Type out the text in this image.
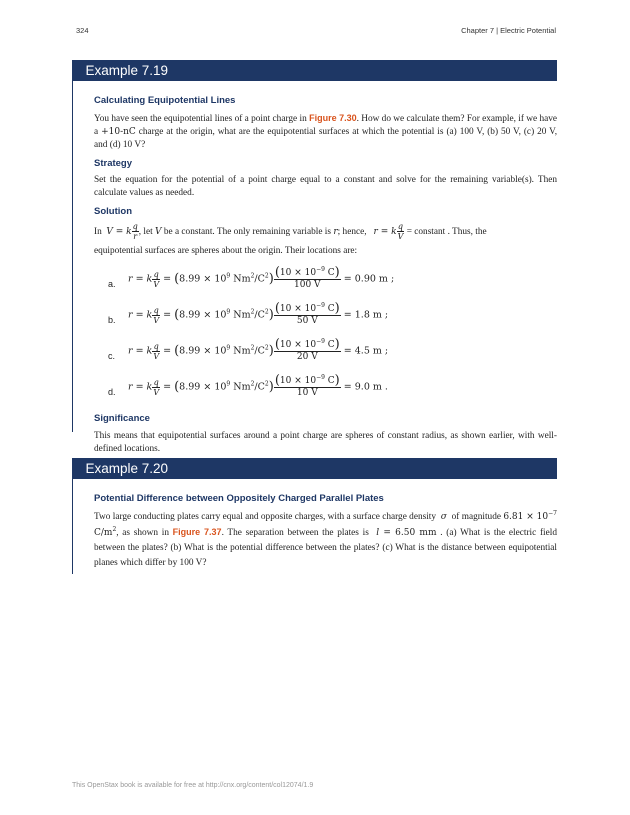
324	Chapter 7 | Electric Potential
Example 7.19
Calculating Equipotential Lines

You have seen the equipotential lines of a point charge in Figure 7.30. How do we calculate them? For example, if we have a +10-nC charge at the origin, what are the equipotential surfaces at which the potential is (a) 100 V, (b) 50 V, (c) 20 V, and (d) 10 V?

Strategy

Set the equation for the potential of a point charge equal to a constant and solve for the remaining variable(s). Then calculate values as needed.

Solution

In V = k $\frac{q}{r}$ , let V be a constant. The only remaining variable is r; hence, r = k $\frac{q}{V}$ = constant . Thus, the

equipotential surfaces are spheres about the origin. Their locations are:

a. r = k $\frac{q}{V} = (8.99 \times 10^9$ $Nm^2/C^2) \frac{(10 \times 10^{-9} C)}{100 V} = 0.90$ m ;
b. r = k $\frac{q}{V} = (8.99 \times 10^9$ $Nm^2/C^2) \frac{(10 \times 10^{-9} C)}{50 V} = 1.8$ m ;
c. r = k $\frac{q}{V} = (8.99 \times 10^9$ $Nm^2/C^2) \frac{(10 \times 10^{-9} C)}{20 V} = 4.5$ m ;
d. r = k $\frac{q}{V} = (8.99 \times 10^9$ $Nm^2/C^2) \frac{(10 \times 10^{-9} C)}{10 V} = 9.0$ m .
Significance

This means that equipotential surfaces around a point charge are spheres of constant radius, as shown earlier, with well-defined locations.

Example 7.20
Potential Difference between Oppositely Charged Parallel Plates

Two large conducting plates carry equal and opposite charges, with a surface charge density σ of magnitude $6.81 \times 10^{-7}$ $C/m^2$, as shown in Figure 7.37. The separation between the plates is l = 6.50 mm . (a) What is the electric field between the plates? (b) What is the potential difference between the plates? (c) What is the distance between equipotential planes which differ by 100 V?

This OpenStax book is available for free at http://cnx.org/content/col12074/1.9
